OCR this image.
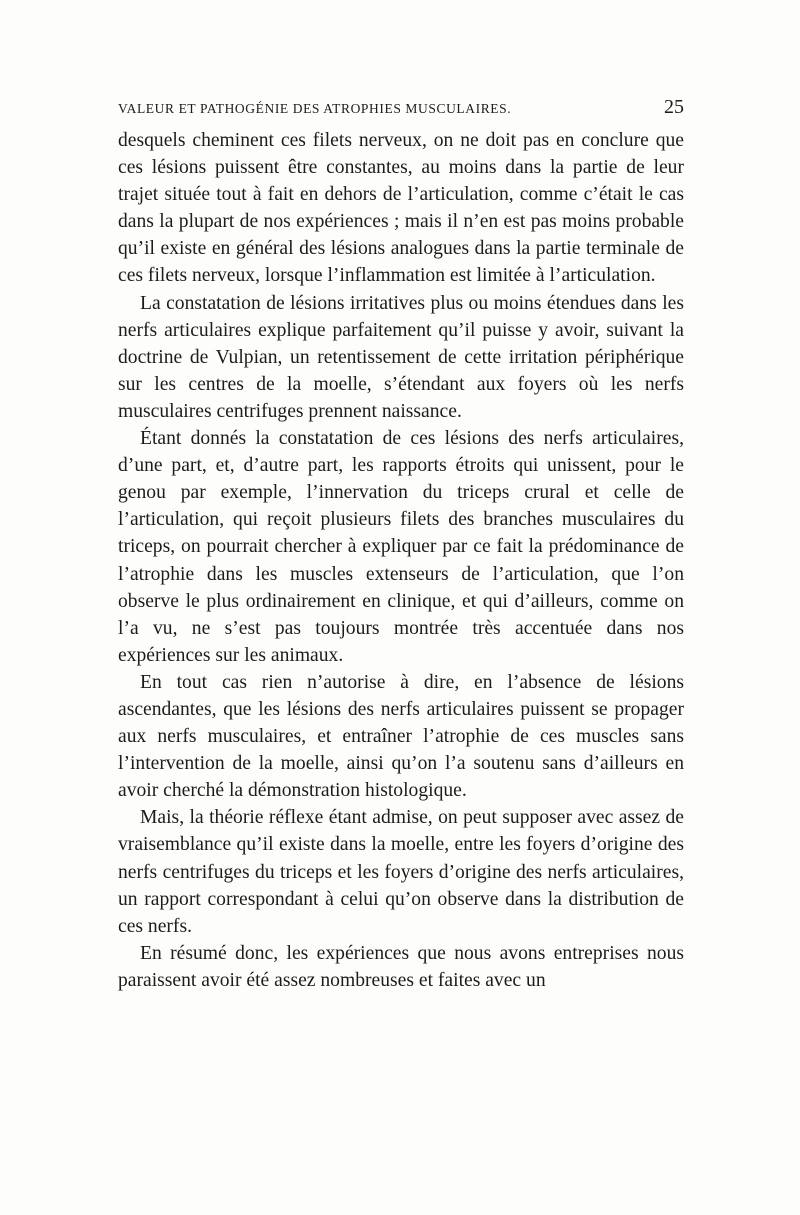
VALEUR ET PATHOGÉNIE DES ATROPHIES MUSCULAIRES.	25

desquels cheminent ces filets nerveux, on ne doit pas en conclure que ces lésions puissent être constantes, au moins dans la partie de leur trajet située tout à fait en dehors de l’articulation, comme c’était le cas dans la plupart de nos expériences ; mais il n’en est pas moins probable qu’il existe en général des lésions analogues dans la partie terminale de ces filets nerveux, lorsque l’inflammation est limitée à l’articulation.

La constatation de lésions irritatives plus ou moins étendues dans les nerfs articulaires explique parfaitement qu’il puisse y avoir, suivant la doctrine de Vulpian, un retentissement de cette irritation périphérique sur les centres de la moelle, s’étendant aux foyers où les nerfs musculaires centrifuges prennent naissance.

Étant donnés la constatation de ces lésions des nerfs articulaires, d’une part, et, d’autre part, les rapports étroits qui unissent, pour le genou par exemple, l’innervation du triceps crural et celle de l’articulation, qui reçoit plusieurs filets des branches musculaires du triceps, on pourrait chercher à expliquer par ce fait la prédominance de l’atrophie dans les muscles extenseurs de l’articulation, que l’on observe le plus ordinairement en clinique, et qui d’ailleurs, comme on l’a vu, ne s’est pas toujours montrée très accentuée dans nos expériences sur les animaux.

En tout cas rien n’autorise à dire, en l’absence de lésions ascendantes, que les lésions des nerfs articulaires puissent se propager aux nerfs musculaires, et entraîner l’atrophie de ces muscles sans l’intervention de la moelle, ainsi qu’on l’a soutenu sans d’ailleurs en avoir cherché la démonstration histologique.

Mais, la théorie réflexe étant admise, on peut supposer avec assez de vraisemblance qu’il existe dans la moelle, entre les foyers d’origine des nerfs centrifuges du triceps et les foyers d’origine des nerfs articulaires, un rapport correspondant à celui qu’on observe dans la distribution de ces nerfs.

En résumé donc, les expériences que nous avons entreprises nous paraissent avoir été assez nombreuses et faites avec un
